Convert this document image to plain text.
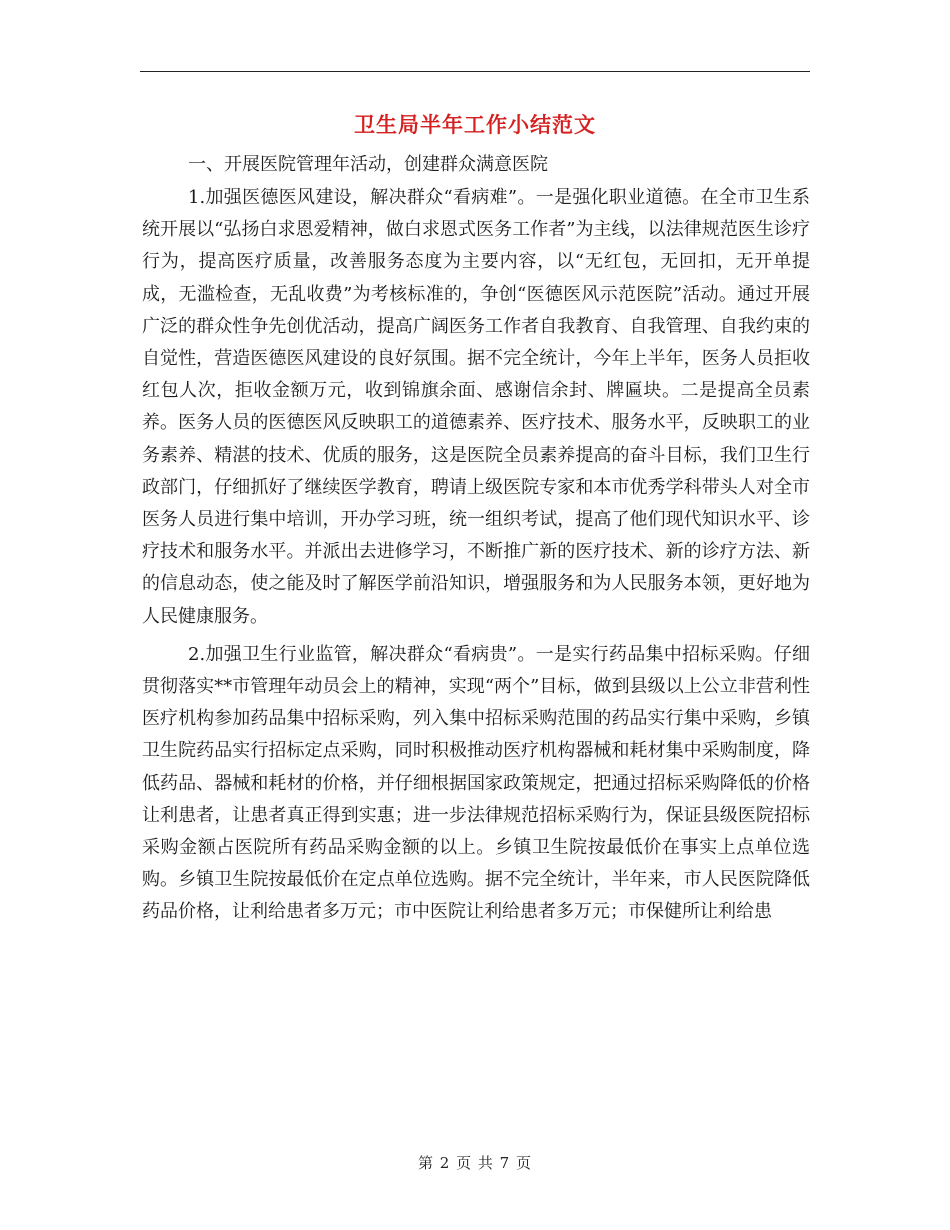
卫生局半年工作小结范文

一、开展医院管理年活动，创建群众满意医院

1.加强医德医风建设，解决群众“看病难”。一是强化职业道德。在全市卫生系统开展以“弘扬白求恩爱精神，做白求恩式医务工作者”为主线，以法律规范医生诊疗行为，提高医疗质量，改善服务态度为主要内容，以“无红包，无回扣，无开单提成，无滥检查，无乱收费”为考核标准的，争创“医德医风示范医院”活动。通过开展广泛的群众性争先创优活动，提高广阔医务工作者自我教育、自我管理、自我约束的自觉性，营造医德医风建设的良好氛围。据不完全统计，今年上半年，医务人员拒收红包人次，拒收金额万元，收到锦旗余面、感谢信余封、牌匾块。二是提高全员素养。医务人员的医德医风反映职工的道德素养、医疗技术、服务水平，反映职工的业务素养、精湛的技术、优质的服务，这是医院全员素养提高的奋斗目标，我们卫生行政部门，仔细抓好了继续医学教育，聘请上级医院专家和本市优秀学科带头人对全市医务人员进行集中培训，开办学习班，统一组织考试，提高了他们现代知识水平、诊疗技术和服务水平。并派出去进修学习，不断推广新的医疗技术、新的诊疗方法、新的信息动态，使之能及时了解医学前沿知识，增强服务和为人民服务本领，更好地为人民健康服务。

2.加强卫生行业监管，解决群众“看病贵”。一是实行药品集中招标采购。仔细贯彻落实**市管理年动员会上的精神，实现“两个”目标，做到县级以上公立非营利性医疗机构参加药品集中招标采购，列入集中招标采购范围的药品实行集中采购，乡镇卫生院药品实行招标定点采购，同时积极推动医疗机构器械和耗材集中采购制度，降低药品、器械和耗材的价格，并仔细根据国家政策规定，把通过招标采购降低的价格让利患者，让患者真正得到实惠；进一步法律规范招标采购行为，保证县级医院招标采购金额占医院所有药品采购金额的以上。乡镇卫生院按最低价在事实上点单位选购。乡镇卫生院按最低价在定点单位选购。据不完全统计，半年来，市人民医院降低药品价格，让利给患者多万元；市中医院让利给患者多万元；市保健所让利给患

第 2 页 共 7 页
